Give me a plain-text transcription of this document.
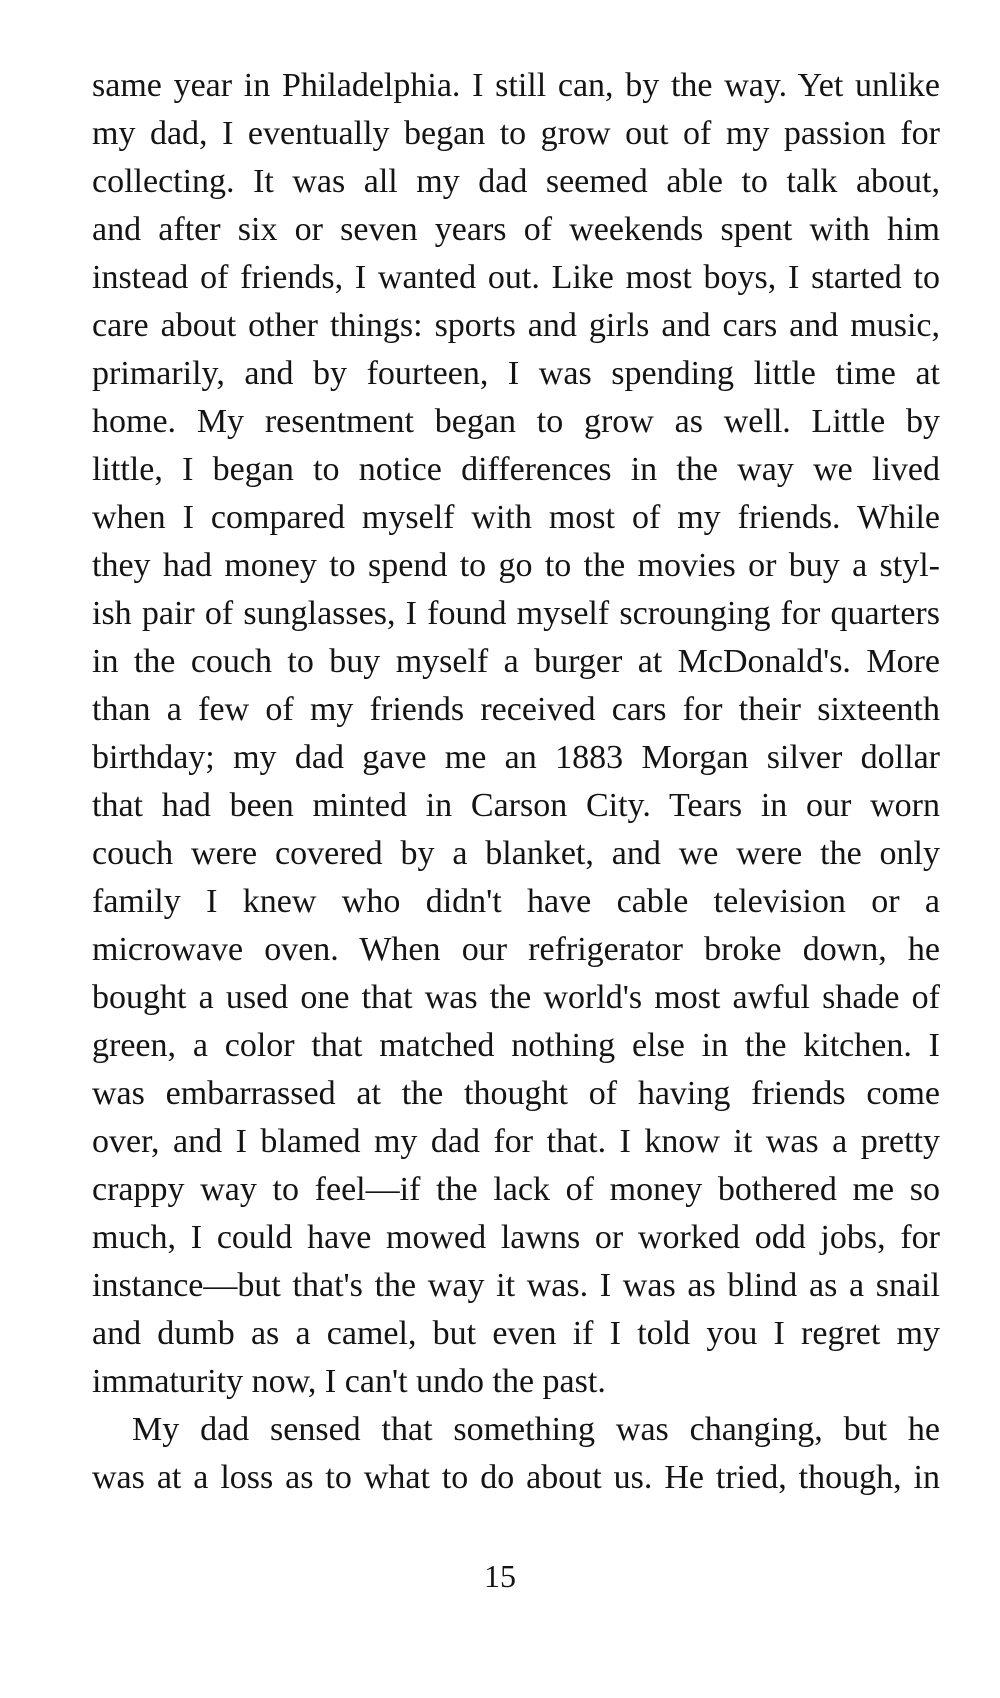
same year in Philadelphia. I still can, by the way. Yet unlike
my dad, I eventually began to grow out of my passion for
collecting. It was all my dad seemed able to talk about,
and after six or seven years of weekends spent with him
instead of friends, I wanted out. Like most boys, I started to
care about other things: sports and girls and cars and music,
primarily, and by fourteen, I was spending little time at
home. My resentment began to grow as well. Little by
little, I began to notice differences in the way we lived
when I compared myself with most of my friends. While
they had money to spend to go to the movies or buy a styl-
ish pair of sunglasses, I found myself scrounging for quarters
in the couch to buy myself a burger at McDonald's. More
than a few of my friends received cars for their sixteenth
birthday; my dad gave me an 1883 Morgan silver dollar
that had been minted in Carson City. Tears in our worn
couch were covered by a blanket, and we were the only
family I knew who didn't have cable television or a
microwave oven. When our refrigerator broke down, he
bought a used one that was the world's most awful shade of
green, a color that matched nothing else in the kitchen. I
was embarrassed at the thought of having friends come
over, and I blamed my dad for that. I know it was a pretty
crappy way to feel—if the lack of money bothered me so
much, I could have mowed lawns or worked odd jobs, for
instance—but that's the way it was. I was as blind as a snail
and dumb as a camel, but even if I told you I regret my
immaturity now, I can't undo the past.
My dad sensed that something was changing, but he
was at a loss as to what to do about us. He tried, though, in
15
